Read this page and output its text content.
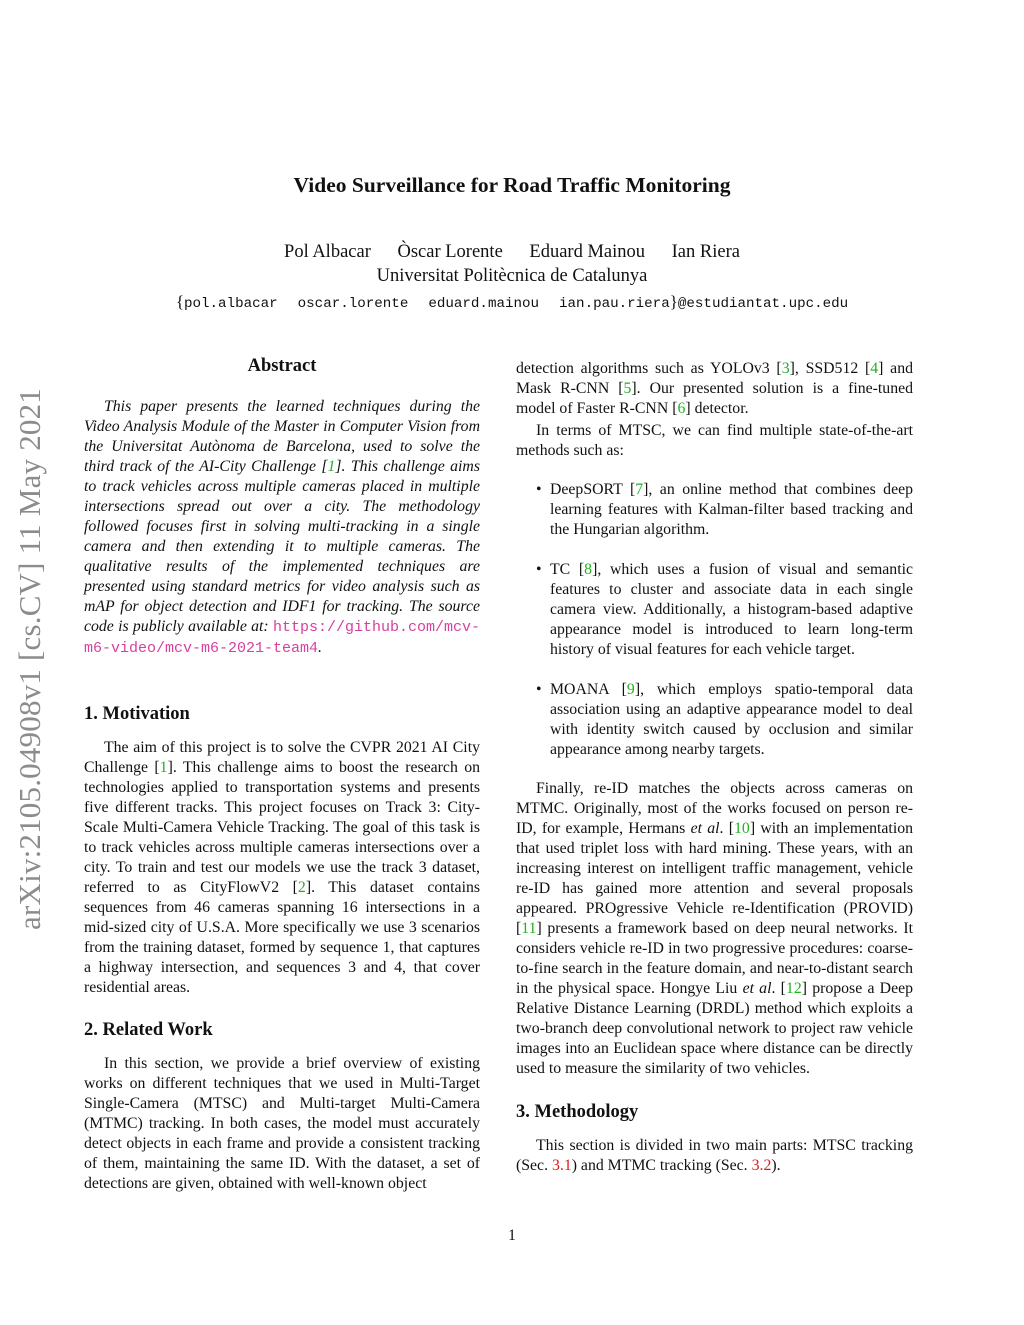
Video Surveillance for Road Traffic Monitoring
Pol Albacar Òscar Lorente Eduard Mainou Ian Riera
Universitat Politècnica de Catalunya
{pol.albacar oscar.lorente eduard.mainou ian.pau.riera}@estudiantat.upc.edu
arXiv:2105.04908v1 [cs.CV] 11 May 2021
Abstract

This paper presents the learned techniques during the Video Analysis Module of the Master in Computer Vision from the Universitat Autònoma de Barcelona, used to solve the third track of the AI-City Challenge [1]. This challenge aims to track vehicles across multiple cameras placed in multiple intersections spread out over a city. The methodology followed focuses first in solving multi-tracking in a single camera and then extending it to multiple cameras. The qualitative results of the implemented techniques are presented using standard metrics for video analysis such as mAP for object detection and IDF1 for tracking. The source code is publicly available at: https://github.com/mcv-m6-video/mcv-m6-2021-team4.

1. Motivation

The aim of this project is to solve the CVPR 2021 AI City Challenge [1]. This challenge aims to boost the research on technologies applied to transportation systems and presents five different tracks. This project focuses on Track 3: City-Scale Multi-Camera Vehicle Tracking. The goal of this task is to track vehicles across multiple cameras intersections over a city. To train and test our models we use the track 3 dataset, referred to as CityFlowV2 [2]. This dataset contains sequences from 46 cameras spanning 16 intersections in a mid-sized city of U.S.A. More specifically we use 3 scenarios from the training dataset, formed by sequence 1, that captures a highway intersection, and sequences 3 and 4, that cover residential areas.

2. Related Work

In this section, we provide a brief overview of existing works on different techniques that we used in Multi-Target Single-Camera (MTSC) and Multi-target Multi-Camera (MTMC) tracking. In both cases, the model must accurately detect objects in each frame and provide a consistent tracking of them, maintaining the same ID. With the dataset, a set of detections are given, obtained with well-known object

detection algorithms such as YOLOv3 [3], SSD512 [4] and Mask R-CNN [5]. Our presented solution is a fine-tuned model of Faster R-CNN [6] detector.

In terms of MTSC, we can find multiple state-of-the-art methods such as:

• DeepSORT [7], an online method that combines deep learning features with Kalman-filter based tracking and the Hungarian algorithm.
• TC [8], which uses a fusion of visual and semantic features to cluster and associate data in each single camera view. Additionally, a histogram-based adaptive appearance model is introduced to learn long-term history of visual features for each vehicle target.
• MOANA [9], which employs spatio-temporal data association using an adaptive appearance model to deal with identity switch caused by occlusion and similar appearance among nearby targets.

Finally, re-ID matches the objects across cameras on MTMC. Originally, most of the works focused on person re-ID, for example, Hermans et al. [10] with an implementation that used triplet loss with hard mining. These years, with an increasing interest on intelligent traffic management, vehicle re-ID has gained more attention and several proposals appeared. PROgressive Vehicle re-Identification (PROVID) [11] presents a framework based on deep neural networks. It considers vehicle re-ID in two progressive procedures: coarse-to-fine search in the feature domain, and near-to-distant search in the physical space. Hongye Liu et al. [12] propose a Deep Relative Distance Learning (DRDL) method which exploits a two-branch deep convolutional network to project raw vehicle images into an Euclidean space where distance can be directly used to measure the similarity of two vehicles.

3. Methodology

This section is divided in two main parts: MTSC tracking (Sec. 3.1) and MTMC tracking (Sec. 3.2).

1
